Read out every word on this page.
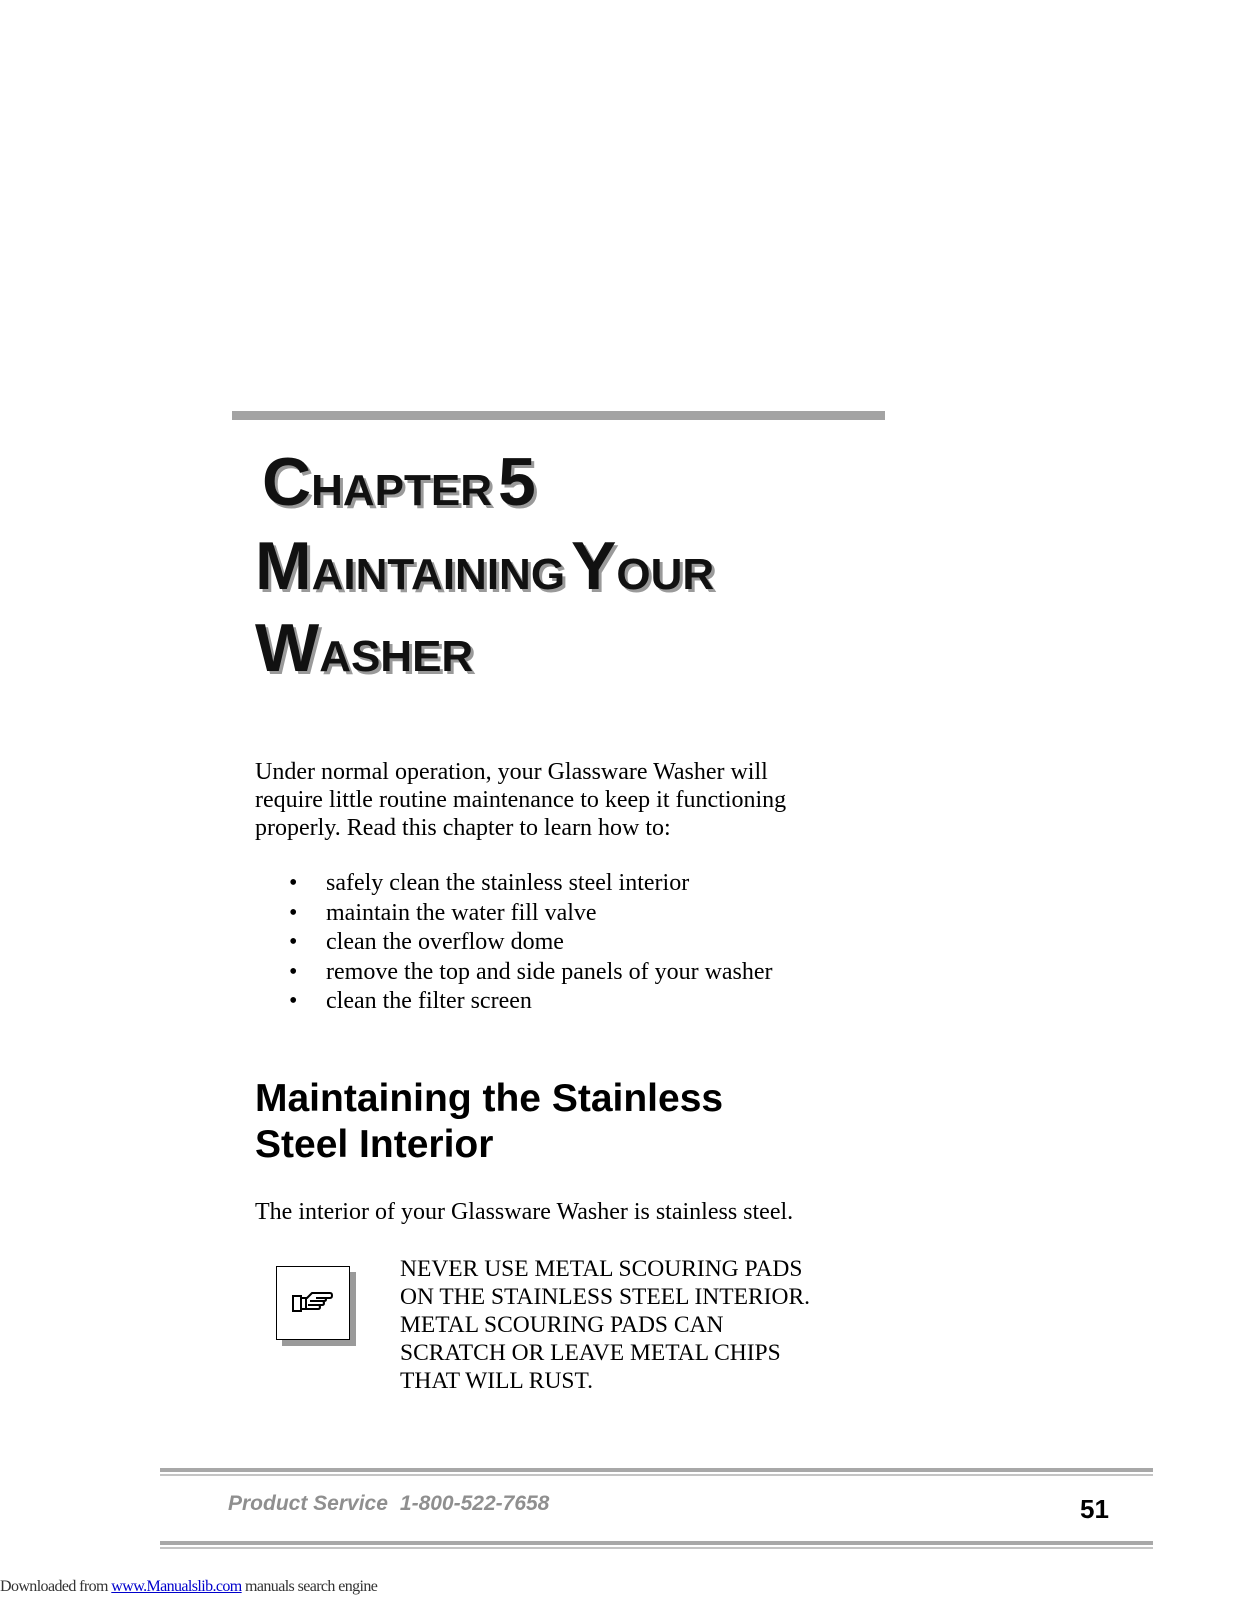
CHAPTER5
MAINTAININGYOUR
WASHER

Under normal operation, your Glassware Washer will require little routine maintenance to keep it functioning properly. Read this chapter to learn how to:

• safely clean the stainless steel interior
• maintain the water fill valve
• clean the overflow dome
• remove the top and side panels of your washer
• clean the filter screen
Maintaining the Stainless
Steel Interior

The interior of your Glassware Washer is stainless steel.

NEVER USE METAL SCOURING PADS
ON THE STAINLESS STEEL INTERIOR.
METAL SCOURING PADS CAN
SCRATCH OR LEAVE METAL CHIPS
THAT WILL RUST.

Product Service 1-800-522-7658	51
Downloaded from www.Manualslib.com manuals search engine
